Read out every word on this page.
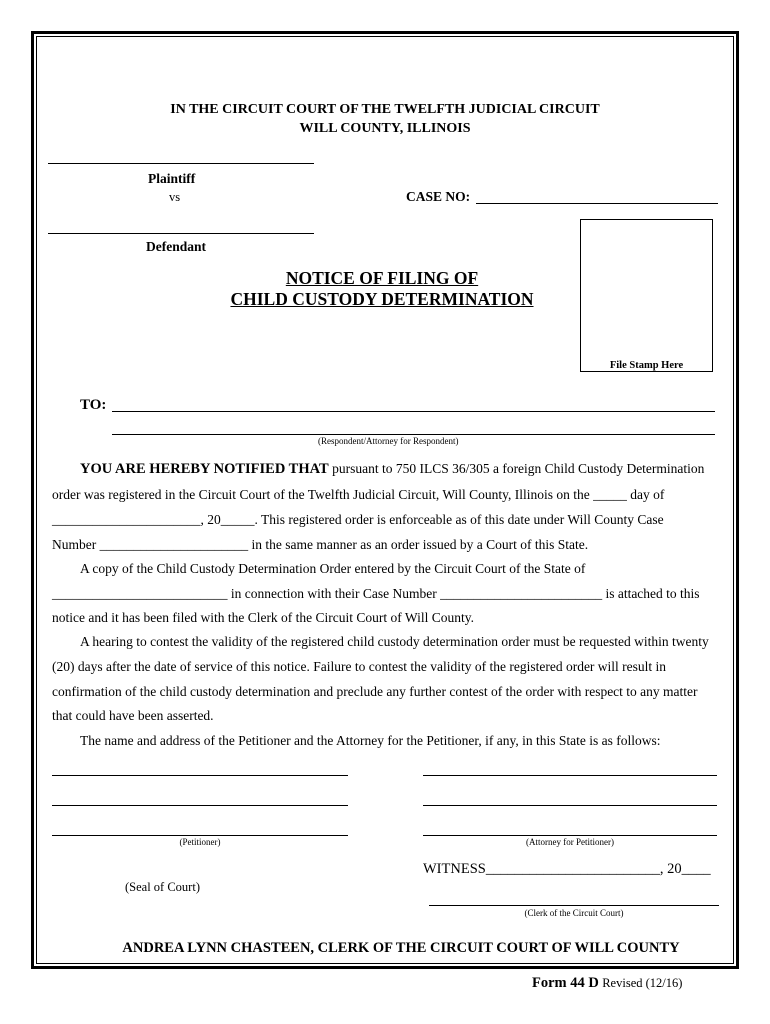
IN THE CIRCUIT COURT OF THE TWELFTH JUDICIAL CIRCUIT
WILL COUNTY, ILLINOIS
Plaintiff
vs	CASE NO:
Defendant
File Stamp Here
NOTICE OF FILING OF
CHILD CUSTODY DETERMINATION
TO:
(Respondent/Attorney for Respondent)
YOU ARE HEREBY NOTIFIED THAT pursuant to 750 ILCS 36/305 a foreign Child Custody Determination
order was registered in the Circuit Court of the Twelfth Judicial Circuit, Will County, Illinois on the _____ day of
______________________, 20_____. This registered order is enforceable as of this date under Will County Case
Number ______________________ in the same manner as an order issued by a Court of this State.
A copy of the Child Custody Determination Order entered by the Circuit Court of the State of
__________________________ in connection with their Case Number ________________________ is attached to this
notice and it has been filed with the Clerk of the Circuit Court of Will County.
A hearing to contest the validity of the registered child custody determination order must be requested within twenty
(20) days after the date of service of this notice. Failure to contest the validity of the registered order will result in
confirmation of the child custody determination and preclude any further contest of the order with respect to any matter
that could have been asserted.
The name and address of the Petitioner and the Attorney for the Petitioner, if any, in this State is as follows:
(Petitioner)	(Attorney for Petitioner)
WITNESS________________________, 20____
(Seal of Court)
(Clerk of the Circuit Court)
ANDREA LYNN CHASTEEN, CLERK OF THE CIRCUIT COURT OF WILL COUNTY
Form 44 D Revised (12/16)
